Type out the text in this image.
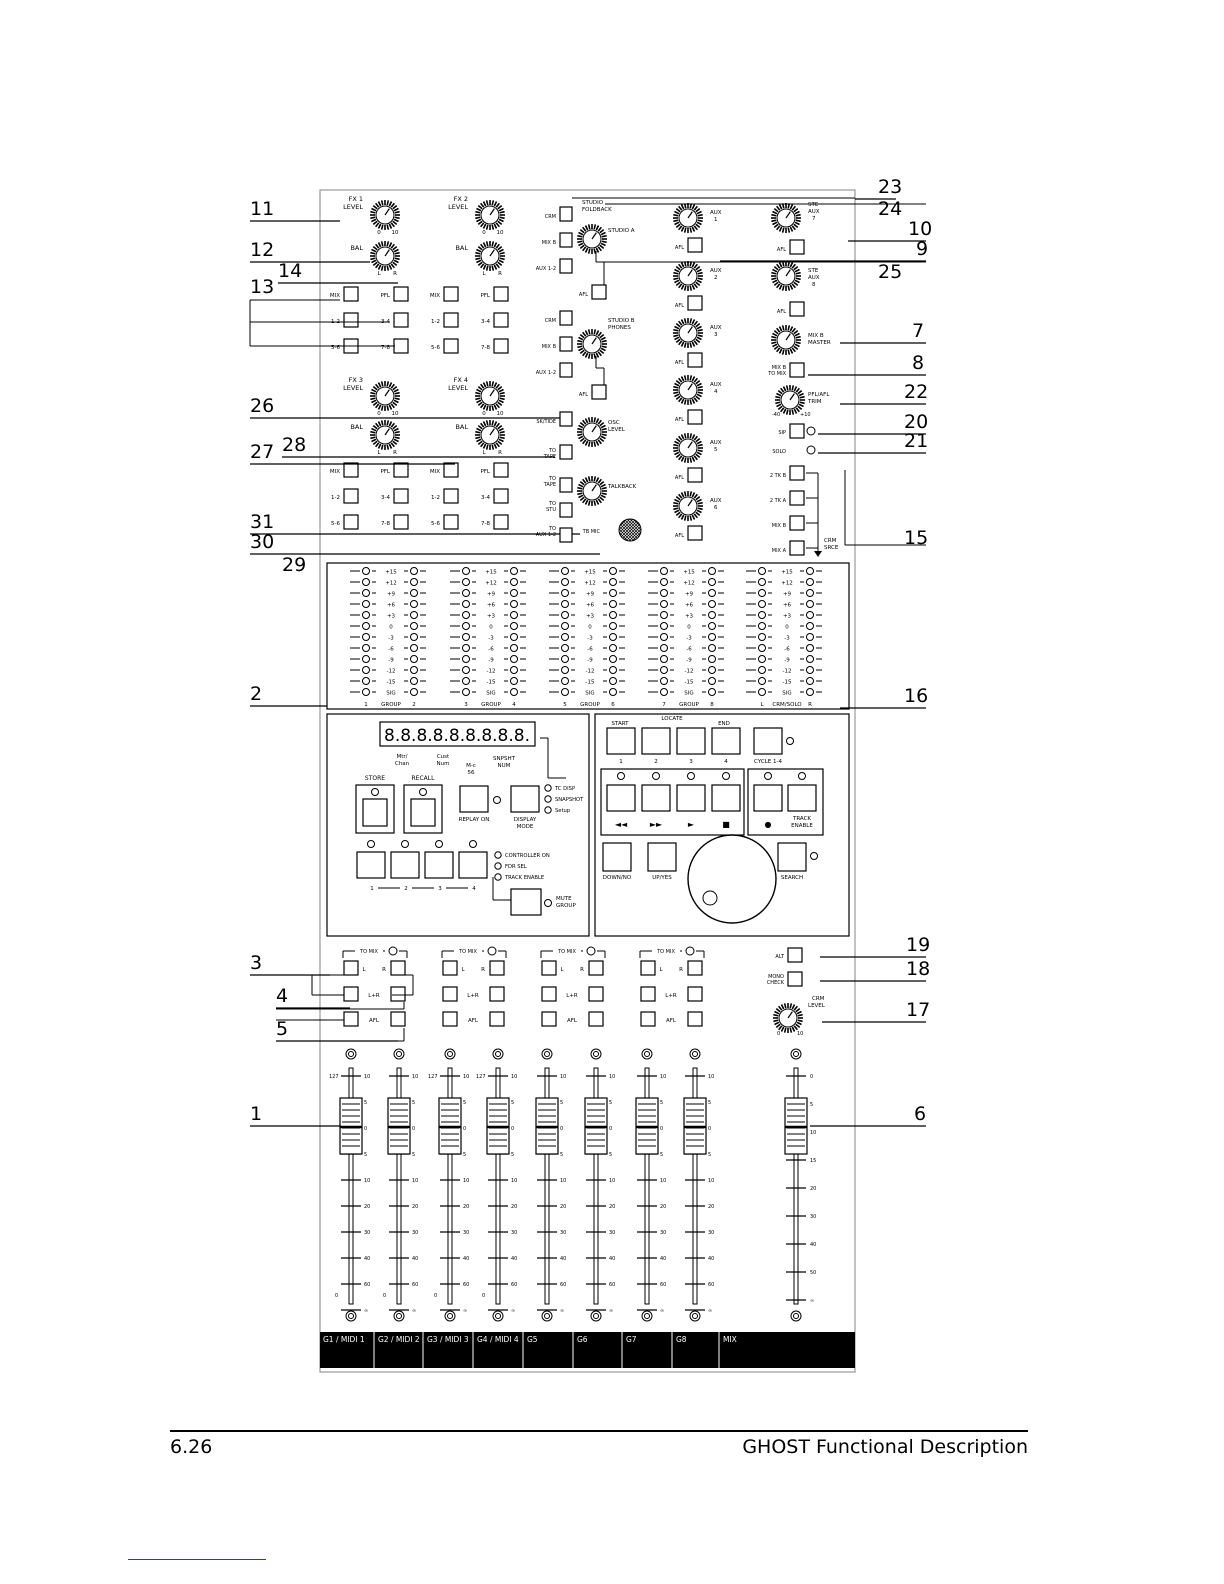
FX 1
LEVEL
0 10
FX 2
LEVEL
0 10
BAL
L R
BAL
L R
FX 3
LEVEL
0 10
FX 4
LEVEL
0 10
BAL
L R
BAL
L R
MIX	PFL
1-2	3-4
5-6	7-8
MIX	PFL
1-2	3-4
5-6	7-8
MIX	PFL
1-2	3-4
5-6	7-8
MIX	PFL
1-2	3-4
5-6	7-8
11
12
14
13
26
27 28
31
30
29
2
3
4
5
1
STUDIO
FOLDBACK
CRM
MIX B
AUX 1-2
STUDIO A
AFL
CRM
MIX B
AUX 1-2
STUDIO B
PHONES
AFL
SK/TIDE	OSC
LEVEL
TO
TAPE
TO
TAPE
TO
STU
TO
AUX 1-2
TALKBACK
TB MIC
AUX
1
AFL
AUX
2
AFL
AUX
3
AFL
AUX
4
AFL
AUX
5
AFL
AUX
6
AFL
10
9
25
23
24
STE
AUX
7
AFL
STE
AUX
8
AFL
MIX B
MASTER
7
MIX B
TO MIX	8
PFL/AFL
TRIM
-40	+10
22
SIP	20
SOLO	21
2 TK B
2 TK A
MIX B
MIX A
CRM
SRCE	15
+15
+12
+9
+6
+3
0
-3
-6
-9
-12
-15
SIG
1 GROUP 2
+15
+12
+9
+6
+3
0
-3
-6
-9
-12
-15
SIG
3 GROUP 4
+15
+12
+9
+6
+3
0
-3
-6
-9
-12
-15
SIG
5 GROUP 6
+15
+12
+9
+6
+3
0
-3
-6
-9
-12
-15
SIG
7 GROUP 8
+15
+12
+9
+6
+3
0
-3
-6
-9
-12
-15
SIG
L CRM/SOLO R	16
8.8.8.8.8.8.8.8.8.
Mtr/
Chan
Cust
Num	M-c
56
SNPSHT
NUM
STORE	RECALL
REPLAY ON	DISPLAY
MODE
TC DISP
SNAPSHOT
Setup
1	2	3	4
CONTROLLER ON
FDR SEL
TRACK ENABLE
MUTE
GROUP
START
LOCATE
END
1	2	3	4	CYCLE 1-4
◄◄	►►	►	■	●
TRACK
ENABLE
DOWN/NO	UP/YES	SEARCH
TO MIX
L	R
L+R
AFL
TO MIX
L	R
L+R
AFL
TO MIX
L	R
L+R
AFL
TO MIX
L	R
L+R
AFL
ALT
19
MONO
CHECK
18
CRM
LEVEL
0	10
17
10
5
0
5
10
20
30
40
60
∞
127
0
10
5
0
5
10
20
30
40
60
∞
0
10
5
0
5
10
20
30
40
60
∞
127
0
10
5
0
5
10
20
30
40
60
∞
127
0
10
5
0
5
10
20
30
40
60
∞
10
5
0
5
10
20
30
40
60
∞
10
5
0
5
10
20
30
40
60
∞
10
5
0
5
10
20
30
40
60
∞
0
5
10
15
20
30
40
50
∞
6
G1 / MIDI 1 G2 / MIDI 2 G3 / MIDI 3 G4 / MIDI 4 G5	G6	G7	G8	MIX
6.26	GHOST Functional Description
